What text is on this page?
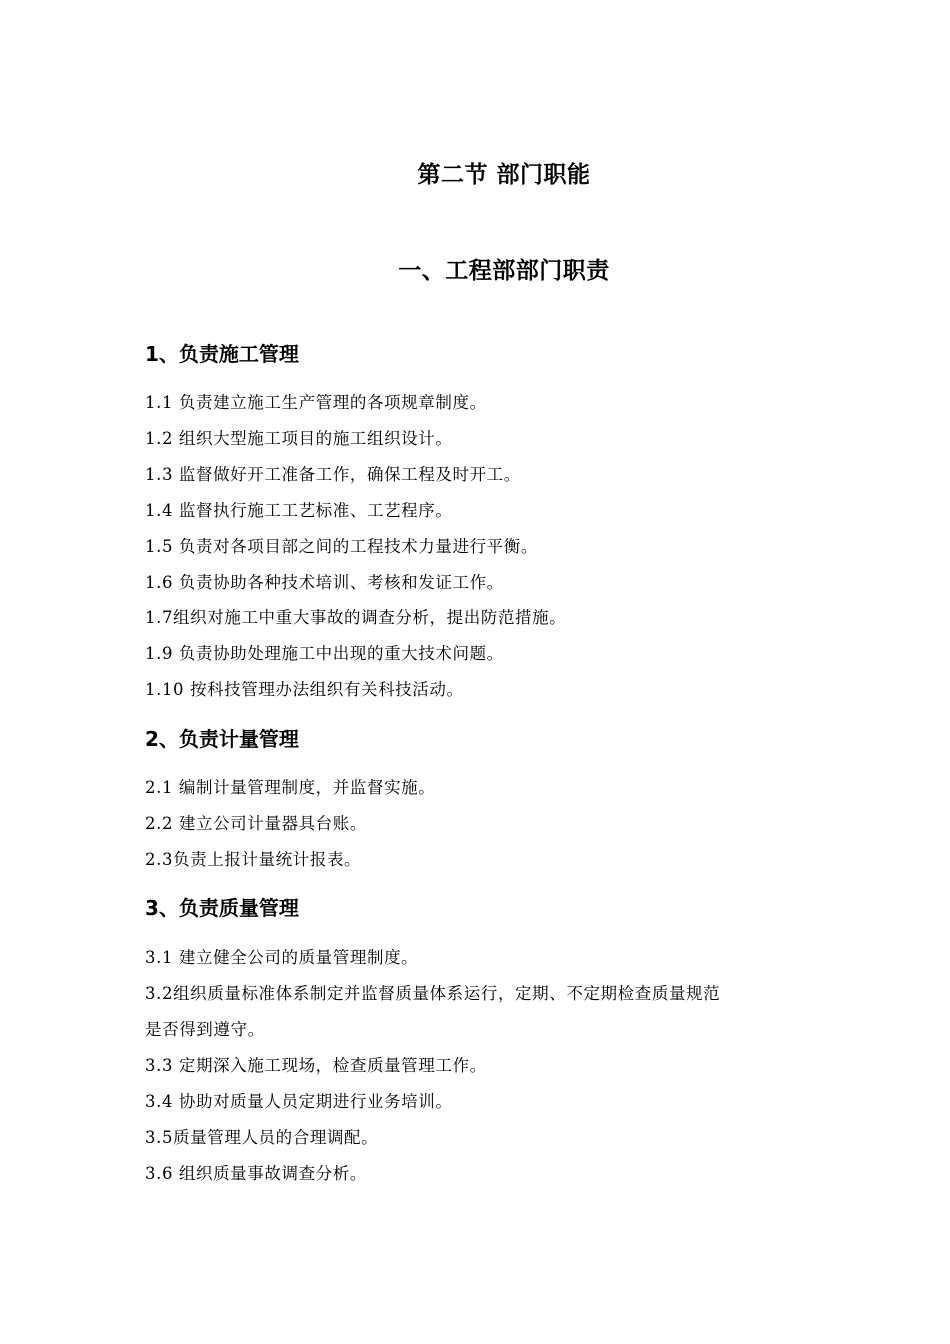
第二节 部门职能
一、工程部部门职责
1、负责施工管理
1.1 负责建立施工生产管理的各项规章制度。
1.2 组织大型施工项目的施工组织设计。
1.3 监督做好开工准备工作，确保工程及时开工。
1.4 监督执行施工工艺标准、工艺程序。
1.5 负责对各项目部之间的工程技术力量进行平衡。
1.6 负责协助各种技术培训、考核和发证工作。
1.7组织对施工中重大事故的调查分析，提出防范措施。
1.9 负责协助处理施工中出现的重大技术问题。
1.10 按科技管理办法组织有关科技活动。
2、负责计量管理
2.1 编制计量管理制度，并监督实施。
2.2 建立公司计量器具台账。
2.3负责上报计量统计报表。
3、负责质量管理
3.1 建立健全公司的质量管理制度。
3.2组织质量标准体系制定并监督质量体系运行，定期、不定期检查质量规范
是否得到遵守。
3.3 定期深入施工现场，检查质量管理工作。
3.4 协助对质量人员定期进行业务培训。
3.5质量管理人员的合理调配。
3.6 组织质量事故调查分析。
